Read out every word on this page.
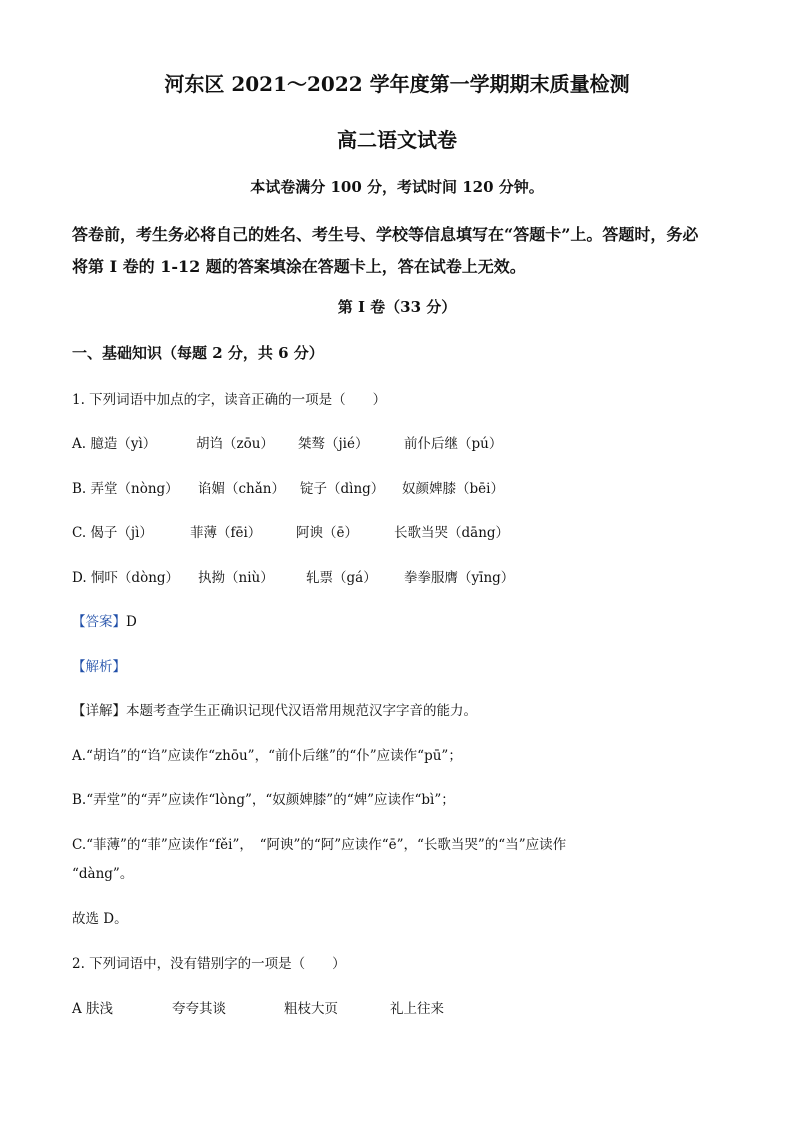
河东区 2021～2022 学年度第一学期期末质量检测
高二语文试卷
本试卷满分 100 分，考试时间 120 分钟。
答卷前，考生务必将自己的姓名、考生号、学校等信息填写在“答题卡”上。答题时，务必
将第 I 卷的 1-12 题的答案填涂在答题卡上，答在试卷上无效。
第 I 卷（33 分）
一、基础知识（每题 2 分，共 6 分）
1. 下列词语中加点的字，读音正确的一项是（　　）
A. 臆造（yì）	胡诌（zōu） 桀骜（jié）	前仆后继（pú）
B. 弄堂（nòng） 谄媚（chǎn） 锭子（dìng） 奴颜婢膝（bēi）
C. 偈子（jì）	菲薄（fēi）	阿谀（ē）	长歌当哭（dāng）
D. 恫吓（dòng） 执拗（niù） 轧票（gá） 拳拳服膺（yīng）
【答案】D
【解析】
【详解】本题考查学生正确识记现代汉语常用规范汉字字音的能力。
A.“胡诌”的“诌”应读作“zhōu”，“前仆后继”的“仆”应读作“pū”；
B.“弄堂”的“弄”应读作“lòng”，“奴颜婢膝”的“婢”应读作“bì”；
C.“菲薄”的“菲”应读作“fěi”，　“阿谀”的“阿”应读作“ē”，“长歌当哭”的“当”应读作
“dàng”。
故选 D。
2. 下列词语中，没有错别字的一项是（　　）
A 肤浅	夸夸其谈	粗枝大页	礼上往来
